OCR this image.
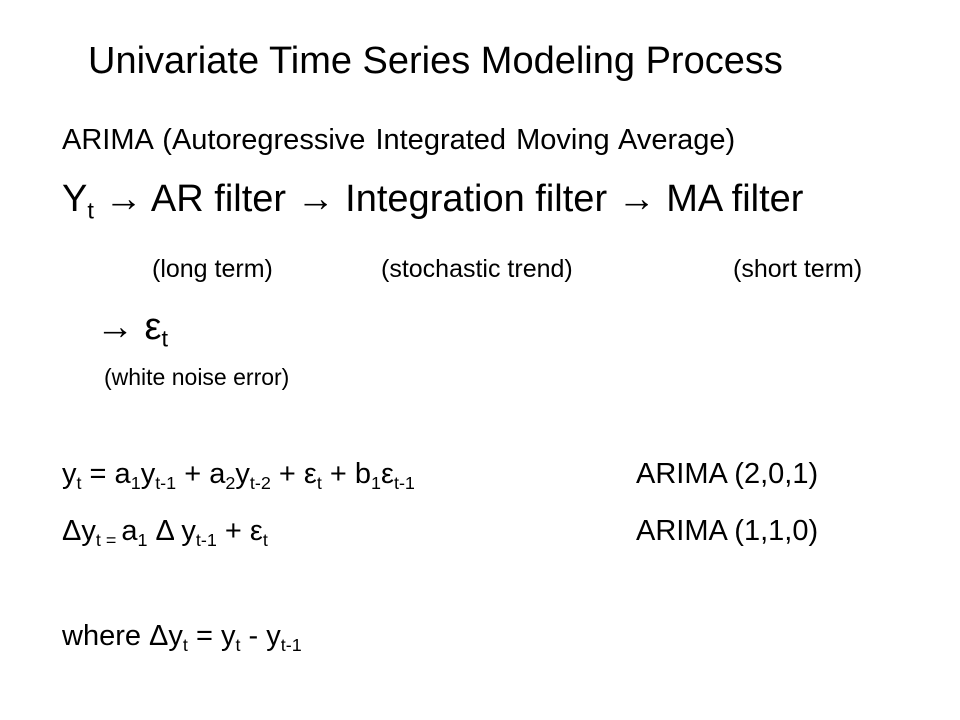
Univariate Time Series Modeling Process
ARIMA (Autoregressive Integrated Moving Average)
$Y_t$ → AR filter → Integration filter → MA filter
(long term)	(stochastic trend)	(short term)
→ $\varepsilon_t$
(white noise error)
$y_t = a_1y_{t-1} + a_2y_{t-2} + \varepsilon_t + b_1\varepsilon_{t-1}$	ARIMA (2,0,1)
$\Delta y_{t =}$ $a_1$ Δ $y_{t-1} + \varepsilon_t$	ARIMA (1,1,0)
where $\Delta y_t = y_t - y_{t-1}$
